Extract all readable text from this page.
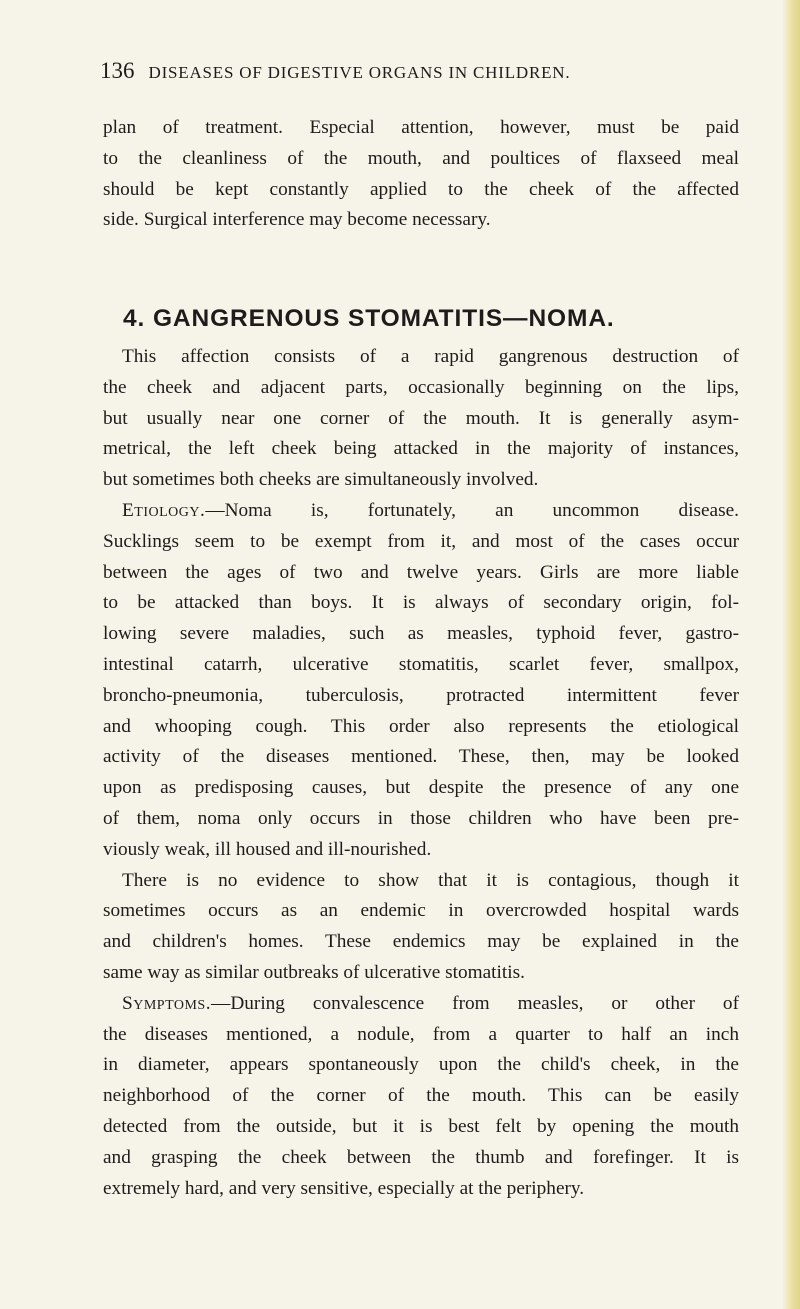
136 DISEASES OF DIGESTIVE ORGANS IN CHILDREN.
plan of treatment. Especial attention, however, must be paid
to the cleanliness of the mouth, and poultices of flaxseed meal
should be kept constantly applied to the cheek of the affected
side. Surgical interference may become necessary.
4. GANGRENOUS STOMATITIS—NOMA.
This affection consists of a rapid gangrenous destruction of
the cheek and adjacent parts, occasionally beginning on the lips,
but usually near one corner of the mouth. It is generally asym-
metrical, the left cheek being attacked in the majority of instances,
but sometimes both cheeks are simultaneously involved.
Etiology.—Noma is, fortunately, an uncommon disease.
Sucklings seem to be exempt from it, and most of the cases occur
between the ages of two and twelve years. Girls are more liable
to be attacked than boys. It is always of secondary origin, fol-
lowing severe maladies, such as measles, typhoid fever, gastro-
intestinal catarrh, ulcerative stomatitis, scarlet fever, smallpox,
broncho-pneumonia, tuberculosis, protracted intermittent fever
and whooping cough. This order also represents the etiological
activity of the diseases mentioned. These, then, may be looked
upon as predisposing causes, but despite the presence of any one
of them, noma only occurs in those children who have been pre-
viously weak, ill housed and ill-nourished.
There is no evidence to show that it is contagious, though it
sometimes occurs as an endemic in overcrowded hospital wards
and children's homes. These endemics may be explained in the
same way as similar outbreaks of ulcerative stomatitis.
Symptoms.—During convalescence from measles, or other of
the diseases mentioned, a nodule, from a quarter to half an inch
in diameter, appears spontaneously upon the child's cheek, in the
neighborhood of the corner of the mouth. This can be easily
detected from the outside, but it is best felt by opening the mouth
and grasping the cheek between the thumb and forefinger. It is
extremely hard, and very sensitive, especially at the periphery.
